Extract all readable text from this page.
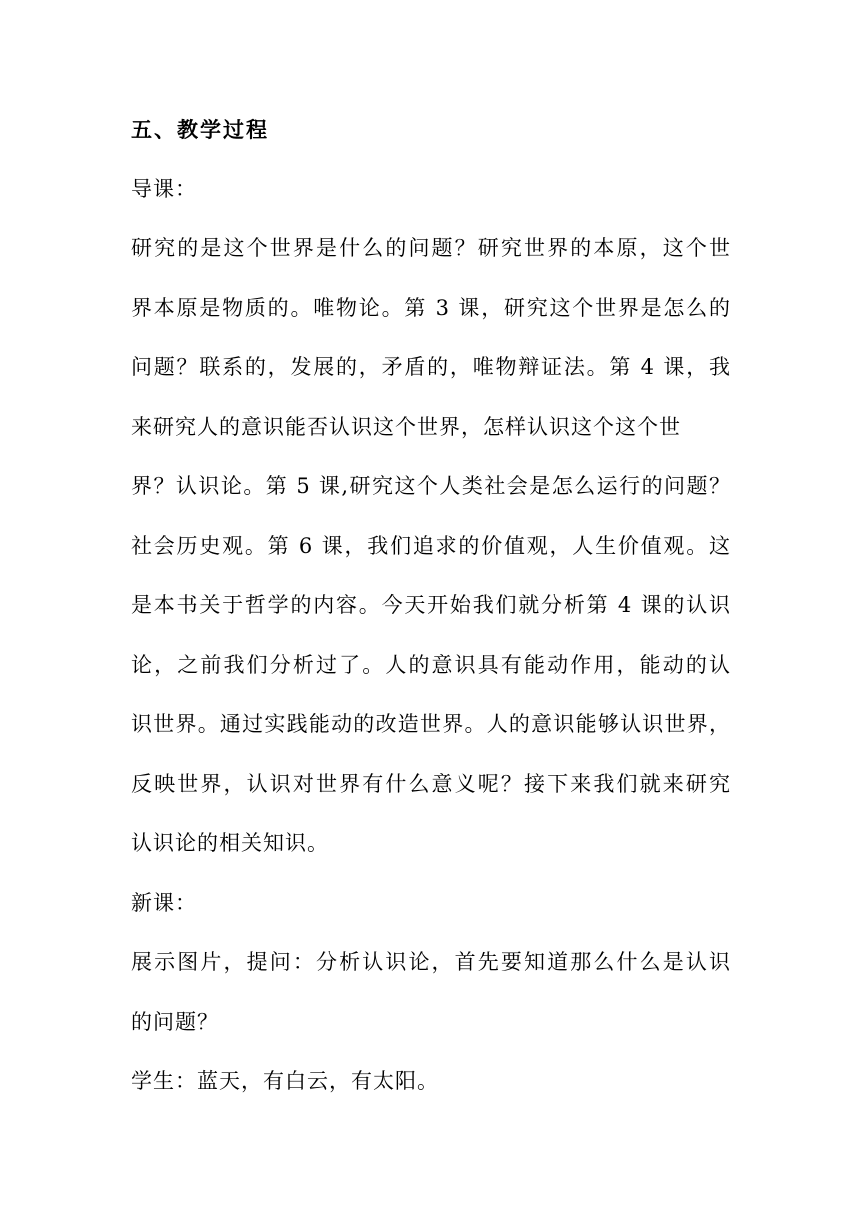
五、教学过程
导课：
研究的是这个世界是什么的问题？研究世界的本原，这个世
界本原是物质的。唯物论。第 3 课，研究这个世界是怎么的
问题？联系的，发展的，矛盾的，唯物辩证法。第 4 课，我
来研究人的意识能否认识这个世界，怎样认识这个这个世
界？认识论。第 5 课,研究这个人类社会是怎么运行的问题？
社会历史观。第 6 课，我们追求的价值观，人生价值观。这
是本书关于哲学的内容。今天开始我们就分析第 4 课的认识
论，之前我们分析过了。人的意识具有能动作用，能动的认
识世界。通过实践能动的改造世界。人的意识能够认识世界，
反映世界，认识对世界有什么意义呢？接下来我们就来研究
认识论的相关知识。
新课：
展示图片，提问：分析认识论，首先要知道那么什么是认识
的问题？
学生：蓝天，有白云，有太阳。
